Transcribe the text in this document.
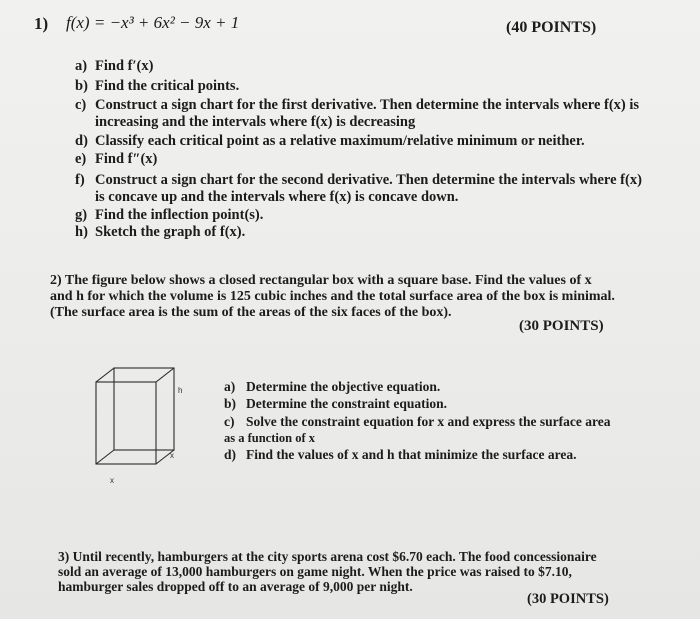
1) f(x) = −x³ + 6x² − 9x + 1	(40 POINTS)
a) Find f′(x)
b) Find the critical points.
c) Construct a sign chart for the first derivative. Then determine the intervals where f(x) is
increasing and the intervals where f(x) is decreasing
d) Classify each critical point as a relative maximum/relative minimum or neither.
e) Find f″(x)
f) Construct a sign chart for the second derivative. Then determine the intervals where f(x)
is concave up and the intervals where f(x) is concave down.
g) Find the inflection point(s).
h) Sketch the graph of f(x).
2) The figure below shows a closed rectangular box with a square base. Find the values of x
and h for which the volume is 125 cubic inches and the total surface area of the box is minimal.
(The surface area is the sum of the areas of the six faces of the box).
(30 POINTS)
h
x
x
a) Determine the objective equation.
b) Determine the constraint equation.
c) Solve the constraint equation for x and express the surface area
as a function of x
d) Find the values of x and h that minimize the surface area.
3) Until recently, hamburgers at the city sports arena cost $6.70 each. The food concessionaire
sold an average of 13,000 hamburgers on game night. When the price was raised to $7.10,
hamburger sales dropped off to an average of 9,000 per night.
(30 POINTS)
